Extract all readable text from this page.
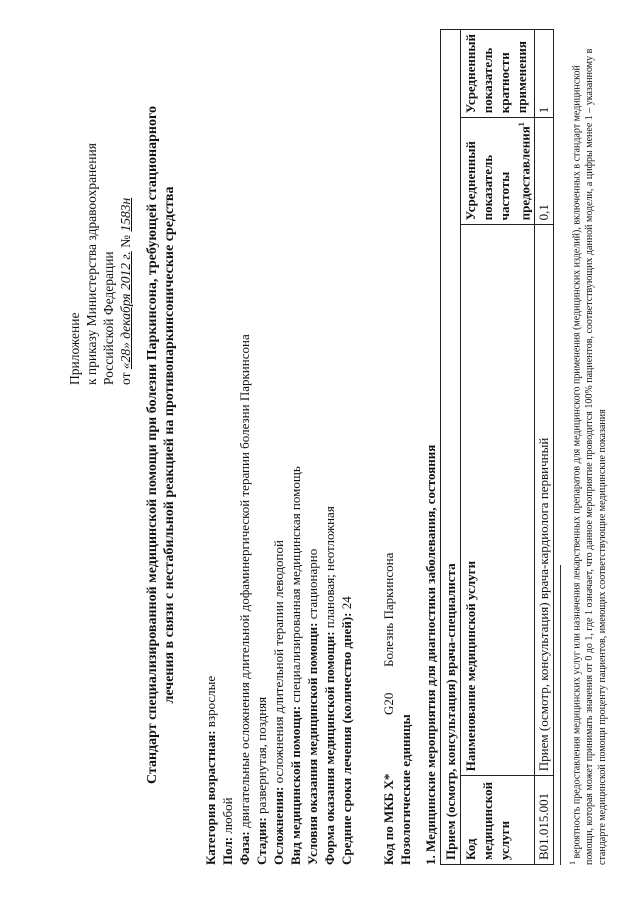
Приложение к приказу Министерства здравоохранения Российской Федерации от «28» декабря 2012 г. № 1583н Стандарт специализированной медицинской помощи при болезни Паркинсона, требующей стационарного лечения в связи с нестабильной реакцией на противопаркинсонические средства
Категория возрастная: взрослые
Пол: любой
Фаза: двигательные осложнения длительной дофаминергической терапии болезни Паркинсона
Стадия: развернутая, поздняя
Осложнения: осложнения длительной терапии леводопой Вид медицинской помощи: специализированная медицинская помощь
Условия оказания медицинской помощи: стационарно
Форма оказания медицинской помощи: плановая; неотложная
Средние сроки лечения (количество дней): 24
Код по МКБ X*
G20
Болезнь Паркинсона
Нозологические единицы 1. Медицинские мероприятия для диагностики заболевания, состояния Прием (осмотр, консультация) врача-специалиста			
Код медицинской услуги	Наименование медицинской услуги	Усредненный показатель частоты предоставления$^1$	Усредненный показатель кратности применения
B01.015.001	Прием (осмотр, консультация) врача-кардиолога первичный	0,1	1
$^1$ вероятность предоставления медицинских услуг или назначения лекарственных препаратов для медицинского применения (медицинских изделий), включенных в стандарт медицинской помощи, которая может принимать значения от 0 до 1, где 1 означает, что данное мероприятие проводится 100% пациентов, соответствующих данной модели, а цифры менее 1 – указанному в стандарте медицинской помощи проценту пациентов, имеющих соответствующие медицинские показания
